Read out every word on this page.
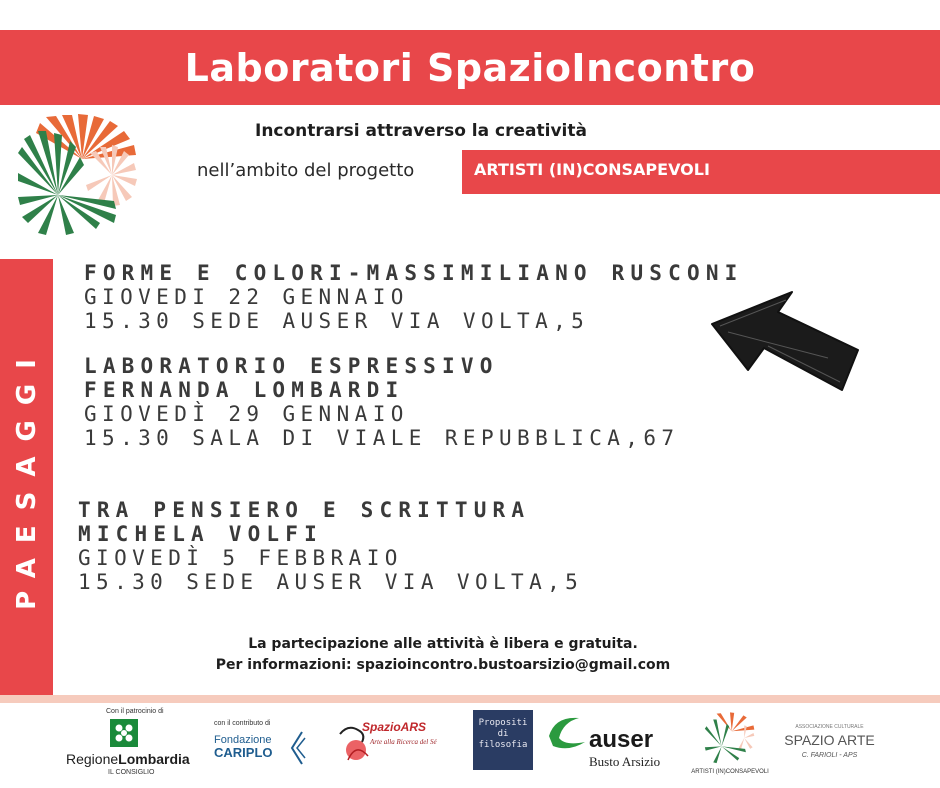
Laboratori SpazioIncontro
Incontrarsi attraverso la creatività
nell’ambito del progetto	ARTISTI (IN)CONSAPEVOLI
PAESAGGI
FORME E COLORI-MASSIMILIANO RUSCONI
GIOVEDI 22 GENNAIO
15.30 SEDE AUSER VIA VOLTA,5
LABORATORIO ESPRESSIVO
FERNANDA LOMBARDI
GIOVEDÌ 29 GENNAIO
15.30 SALA DI VIALE REPUBBLICA,67
TRA PENSIERO E SCRITTURA
MICHELA VOLFI
GIOVEDÌ 5 FEBBRAIO
15.30 SEDE AUSER VIA VOLTA,5
La partecipazione alle attività è libera e gratuita.
Per informazioni: spazioincontro.bustoarsizio@gmail.com
Con il patrocinio di
RegioneLombardia
IL CONSIGLIO
con il contributo di
Fondazione
CARIPLO
SpazioARS
Arte alla Ricerca del Sé
Propositi
di
filosofia	auser
Busto Arsizio
ARTISTI (IN)CONSAPEVOLI
ASSOCIAZIONE CULTURALE
SPAZIO ARTE
C. FARIOLI - APS
